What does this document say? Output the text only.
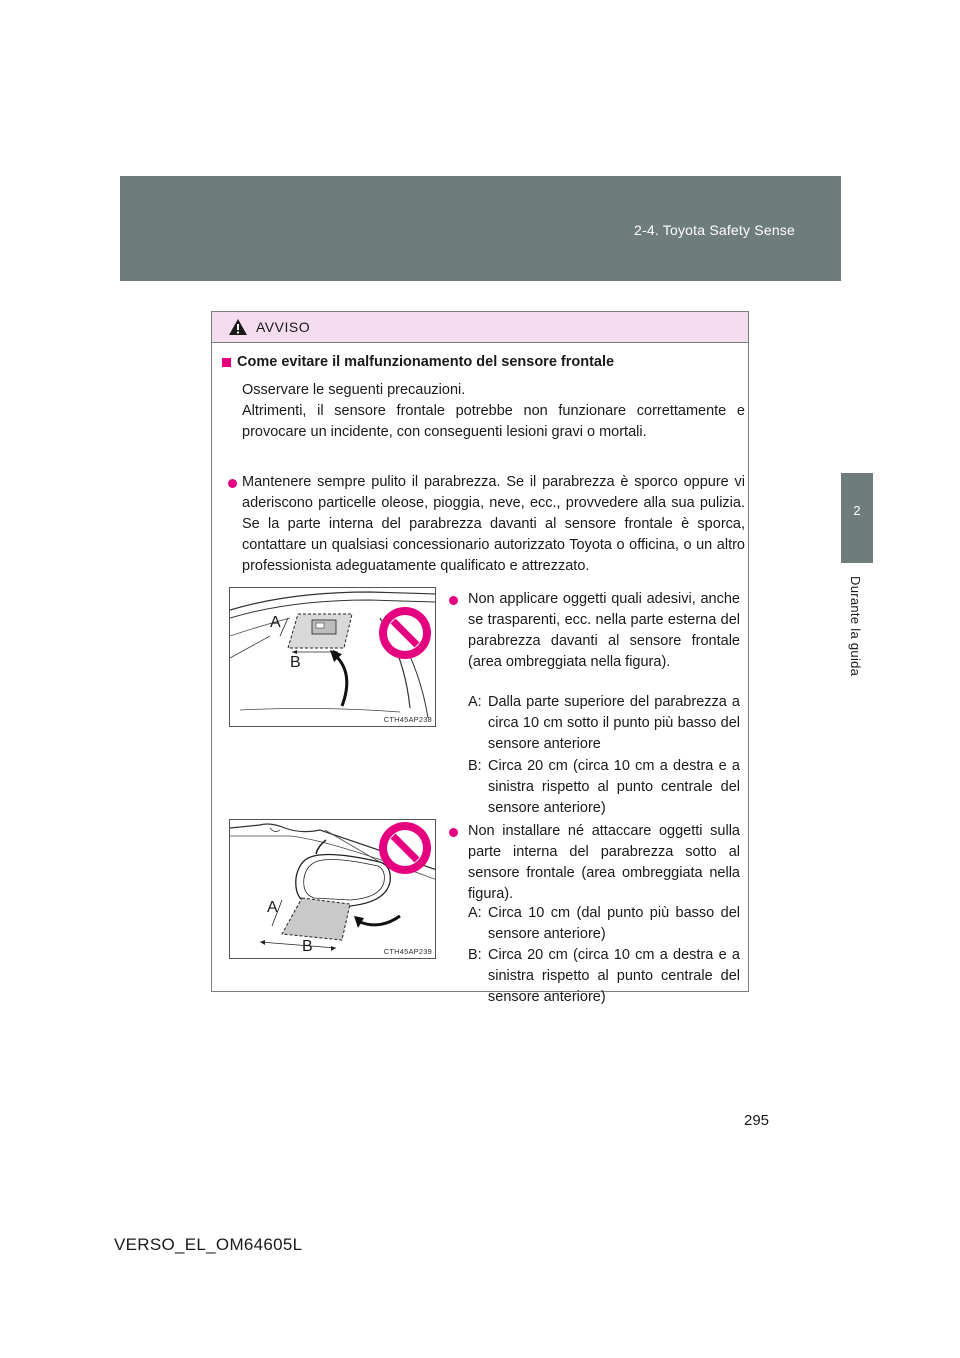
2-4. Toyota Safety Sense
2
Durante la guida
AVVISO
Come evitare il malfunzionamento del sensore frontale
Osservare le seguenti precauzioni.
Altrimenti, il sensore frontale potrebbe non funzionare correttamente e provocare un incidente, con conseguenti lesioni gravi o mortali.
Mantenere sempre pulito il parabrezza. Se il parabrezza è sporco oppure vi aderiscono particelle oleose, pioggia, neve, ecc., provvedere alla sua pulizia. Se la parte interna del parabrezza davanti al sensore frontale è sporca, contattare un qualsiasi concessionario autorizzato Toyota o officina, o un altro professionista adeguatamente qualificato e attrezzato.
A
B
CTH45AP238
Non applicare oggetti quali adesivi, anche se trasparenti, ecc. nella parte esterna del parabrezza davanti al sensore frontale (area ombreggiata nella figura).
A: Dalla parte superiore del parabrezza a circa 10 cm sotto il punto più basso del sensore anteriore
B: Circa 20 cm (circa 10 cm a destra e a sinistra rispetto al punto centrale del sensore anteriore)
A
B	CTH45AP239
Non installare né attaccare oggetti sulla parte interna del parabrezza sotto al sensore frontale (area ombreggiata nella figura).
A: Circa 10 cm (dal punto più basso del sensore anteriore)
B: Circa 20 cm (circa 10 cm a destra e a sinistra rispetto al punto centrale del sensore anteriore)
295
VERSO_EL_OM64605L
